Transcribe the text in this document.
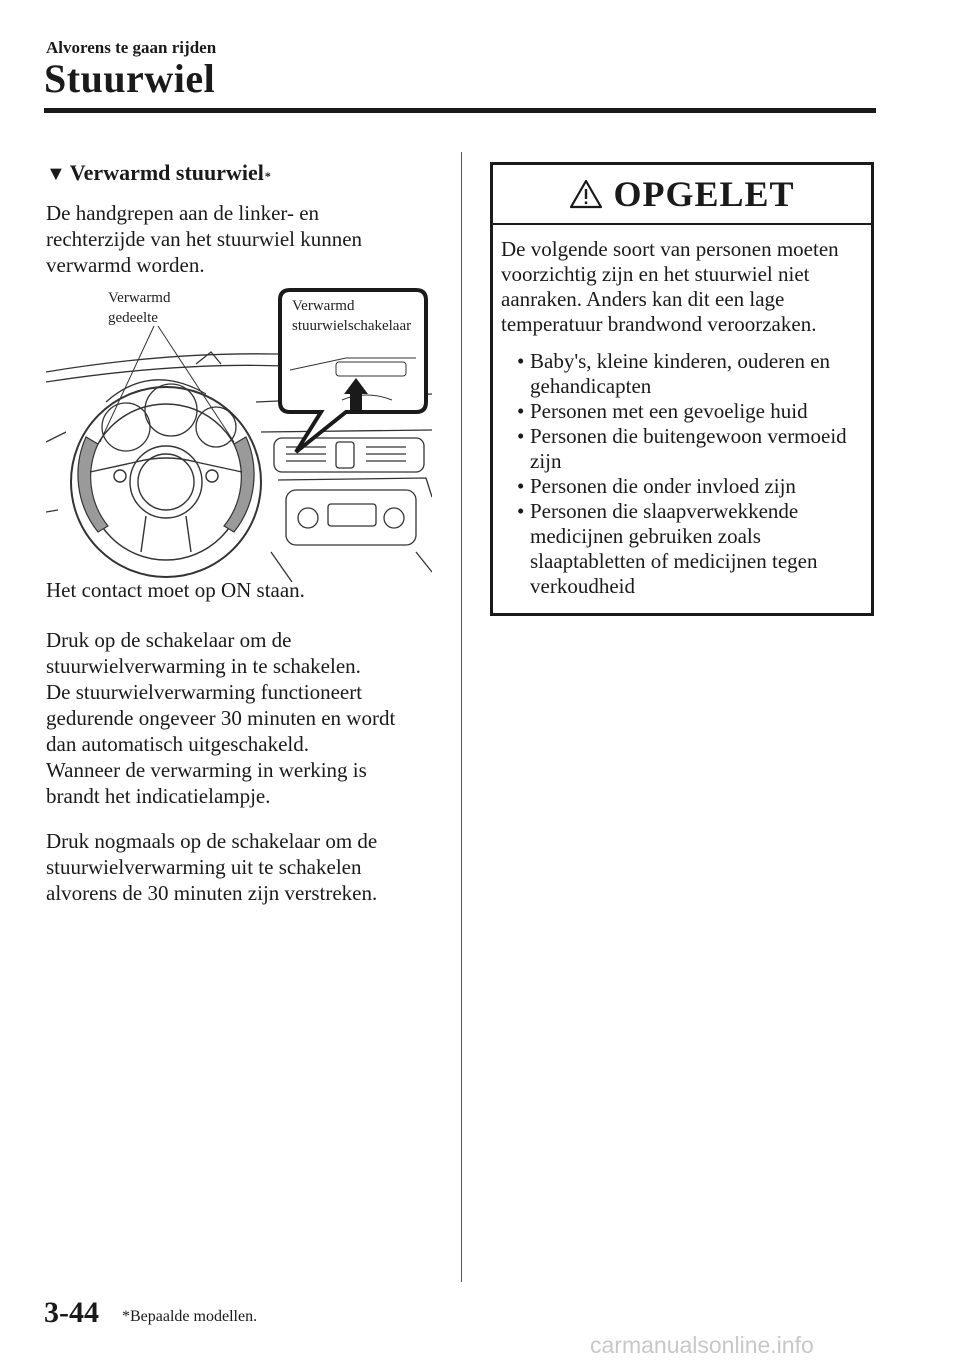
Alvorens te gaan rijden
Stuurwiel
▼ Verwarmd stuurwiel *
De handgrepen aan de linker- en
rechterzijde van het stuurwiel kunnen
verwarmd worden.
Verwarmd
gedeelte
Verwarmd
stuurwielschakelaar
Het contact moet op ON staan.
Druk op de schakelaar om de
stuurwielverwarming in te schakelen.
De stuurwielverwarming functioneert
gedurende ongeveer 30 minuten en wordt
dan automatisch uitgeschakeld.
Wanneer de verwarming in werking is
brandt het indicatielampje.
Druk nogmaals op de schakelaar om de
stuurwielverwarming uit te schakelen
alvorens de 30 minuten zijn verstreken.
OPGELET

De volgende soort van personen moeten
voorzichtig zijn en het stuurwiel niet
aanraken. Anders kan dit een lage
temperatuur brandwond veroorzaken.

• Baby's, kleine kinderen, ouderen en
gehandicapten
• Personen met een gevoelige huid
• Personen die buitengewoon vermoeid
zijn
• Personen die onder invloed zijn
• Personen die slaapverwekkende
medicijnen gebruiken zoals
slaaptabletten of medicijnen tegen
verkoudheid
3-44 *Bepaalde modellen.
carmanualsonline.info
